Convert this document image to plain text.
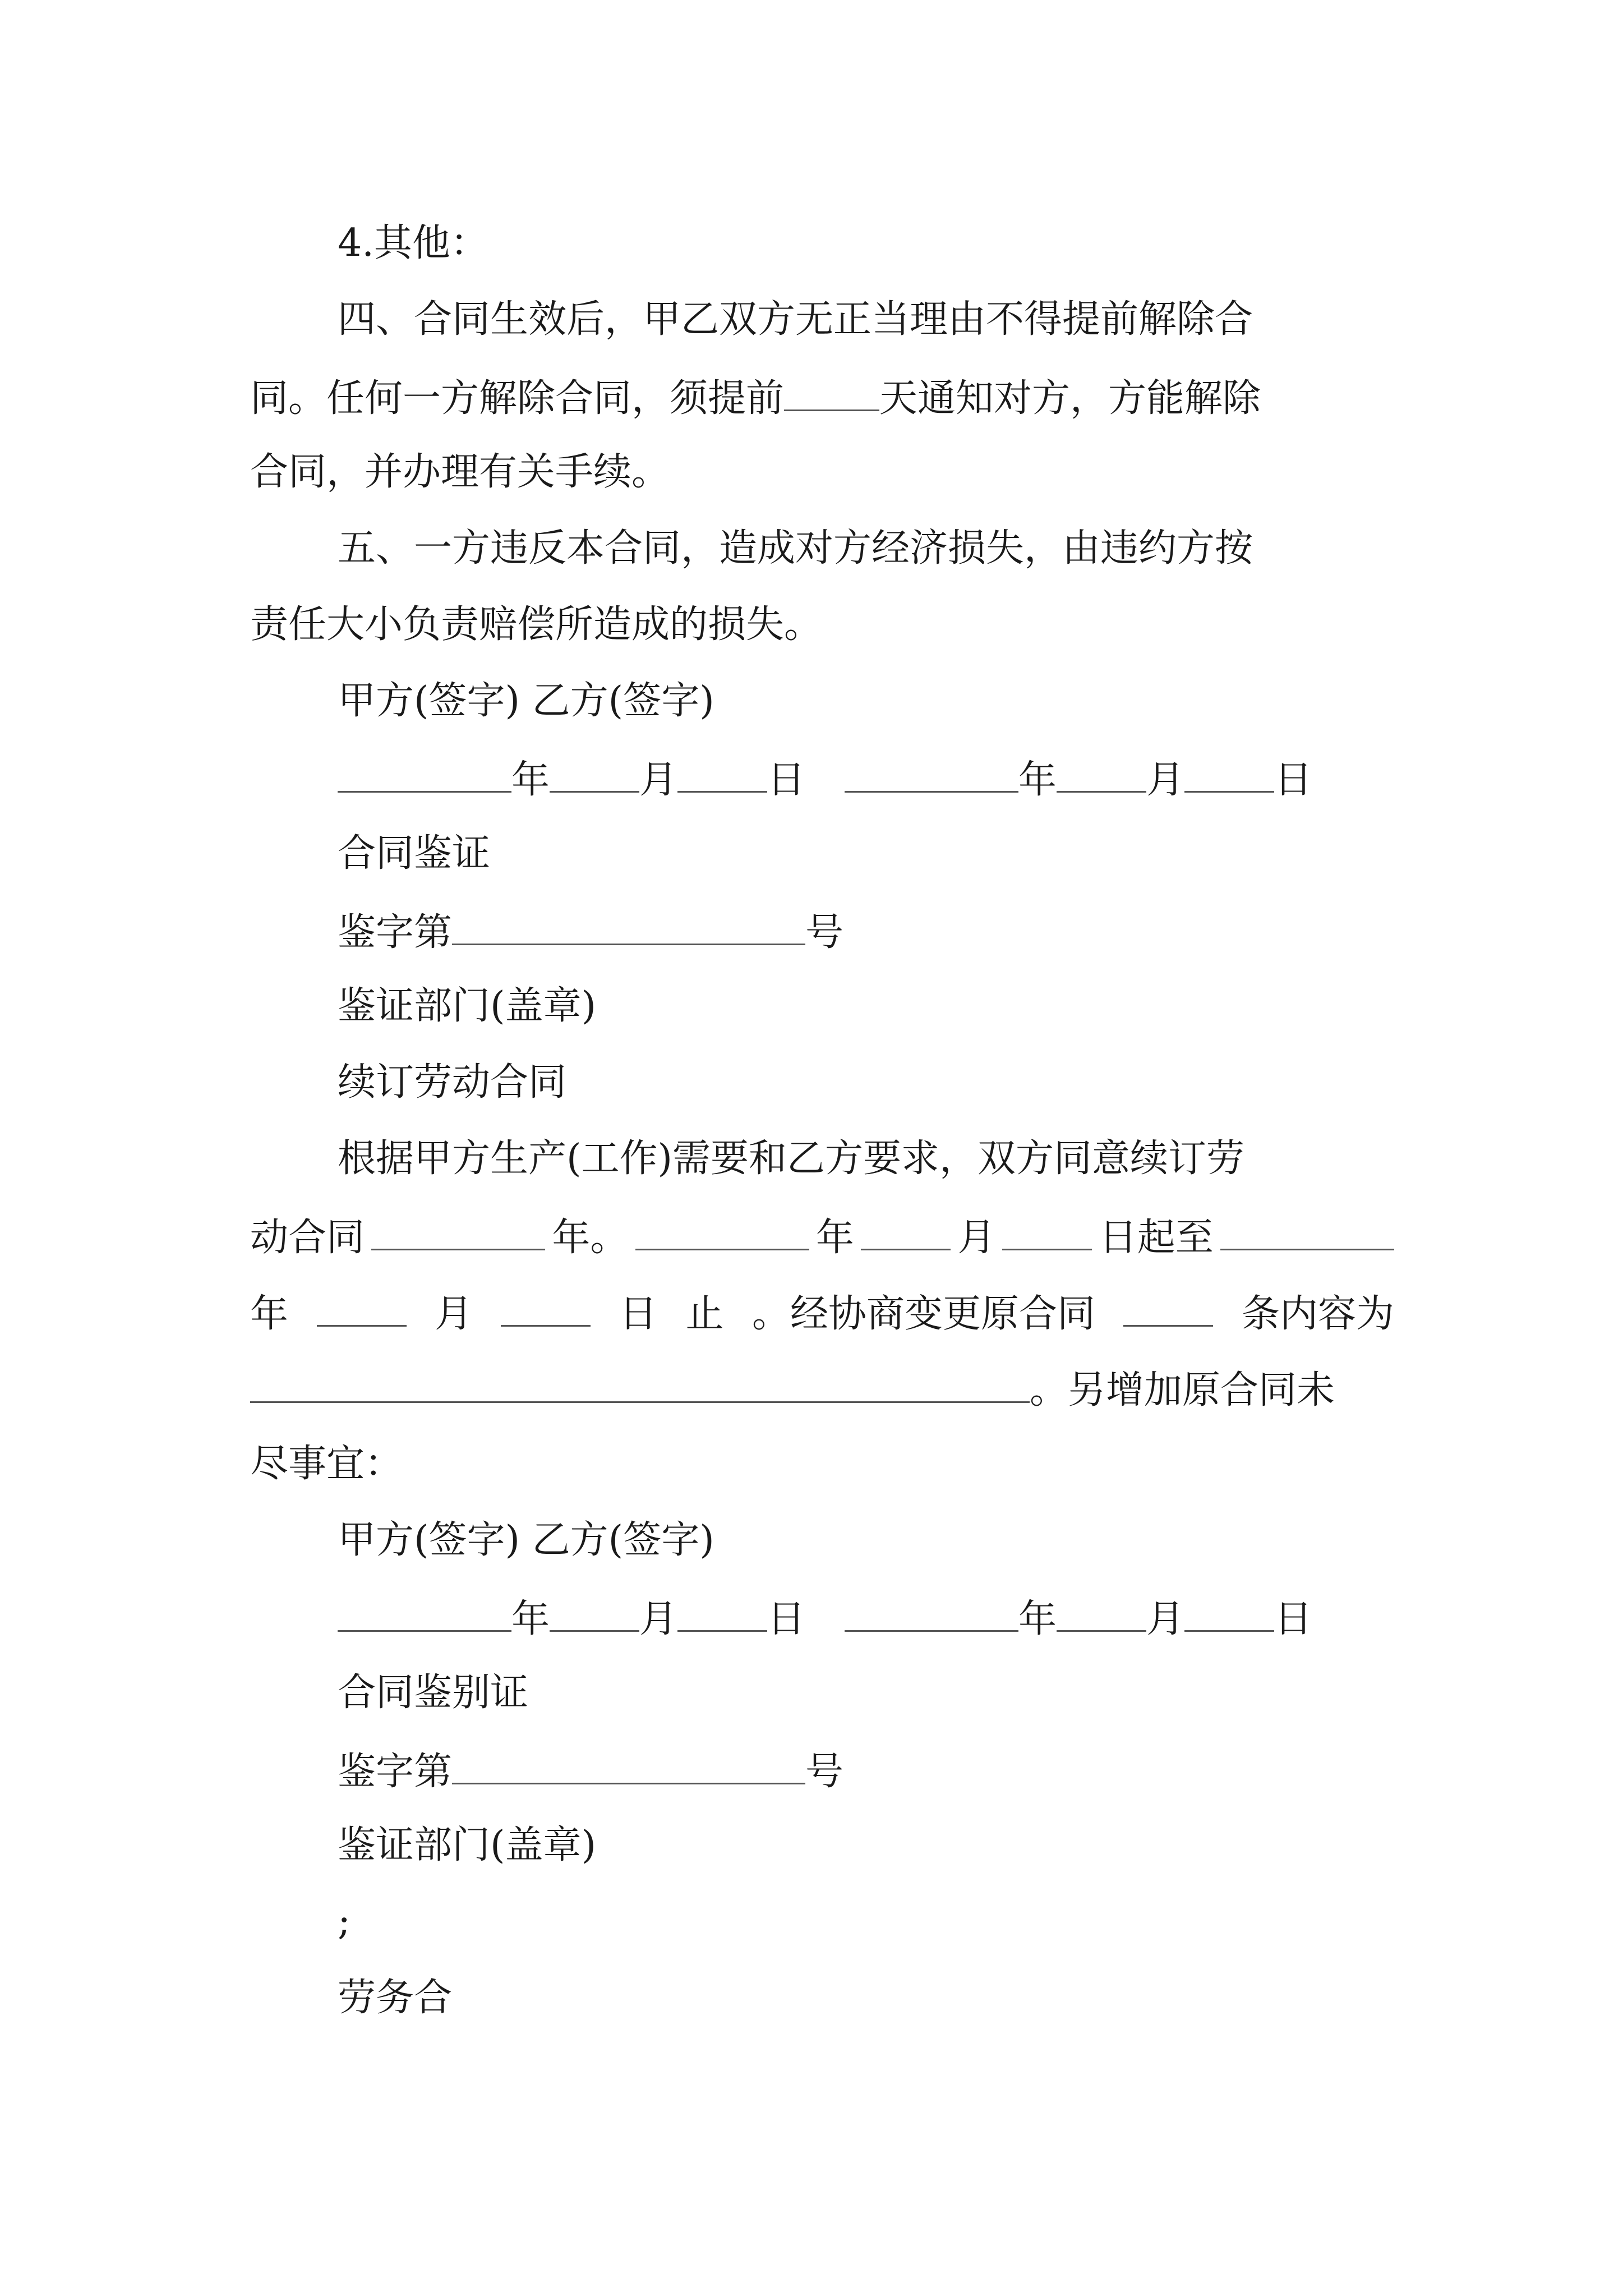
4.其他：
四、合同生效后，甲乙双方无正当理由不得提前解除合
同。任何一方解除合同，须提前	天通知对方，方能解除
合同，并办理有关手续。
五、一方违反本合同，造成对方经济损失，由违约方按
责任大小负责赔偿所造成的损失。
甲方(签字) 乙方(签字)
年 月 日	年 月 日
合同鉴证
鉴字第	号
鉴证部门(盖章)
续订劳动合同
根据甲方生产(工作)需要和乙方要求，双方同意续订劳
动合同	年。	年	月	日起至
年	月	日 止 。经协商变更原合同	条内容为
。另增加原合同未
尽事宜：
甲方(签字) 乙方(签字)
年 月 日	年 月 日
合同鉴别证
鉴字第	号
鉴证部门(盖章)
;
劳务合
